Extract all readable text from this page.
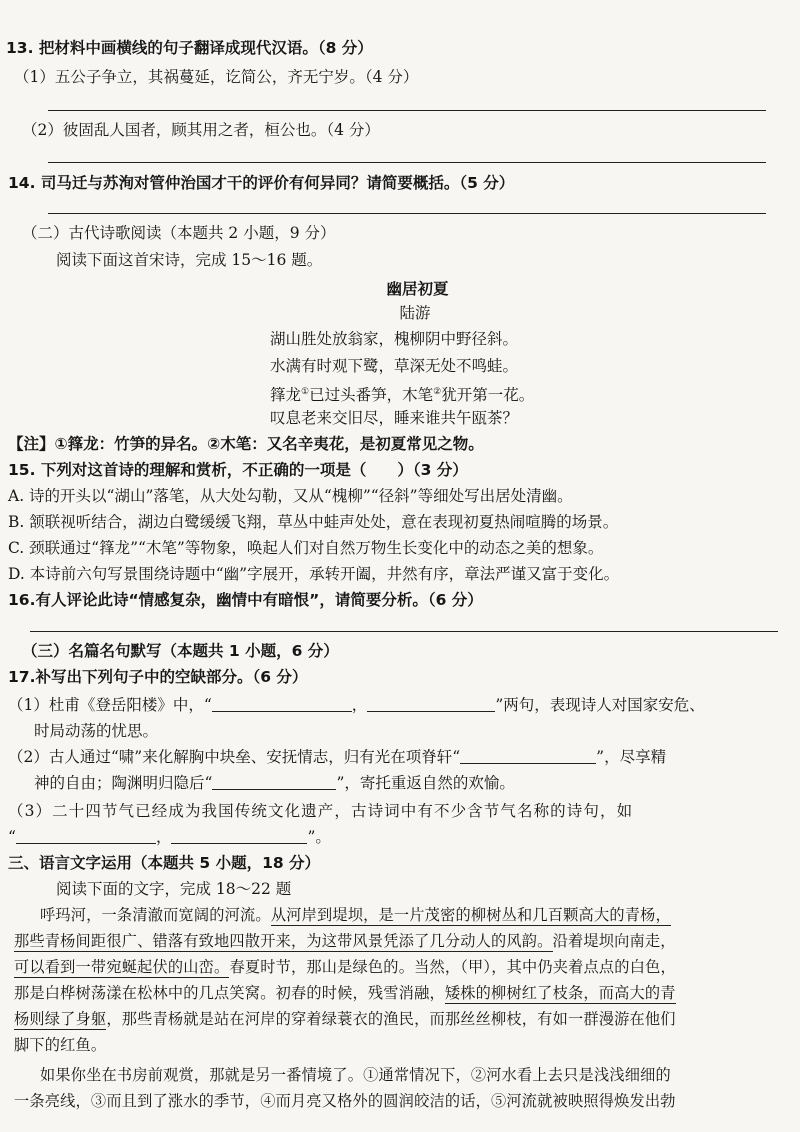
13. 把材料中画横线的句子翻译成现代汉语。（8 分）
（1）五公子争立，其祸蔓延，讫简公，齐无宁岁。（4 分）
（2）彼固乱人国者，顾其用之者，桓公也。（4 分）
14. 司马迁与苏洵对管仲治国才干的评价有何异同？请简要概括。（5 分）
（二）古代诗歌阅读（本题共 2 小题，9 分）
阅读下面这首宋诗，完成 15～16 题。
幽居初夏
陆游
湖山胜处放翁家，槐柳阴中野径斜。
水满有时观下鹭，草深无处不鸣蛙。
箨龙①已过头番笋，木笔②犹开第一花。
叹息老来交旧尽，睡来谁共午瓯茶？
【注】①箨龙：竹笋的异名。②木笔：又名辛夷花，是初夏常见之物。
15. 下列对这首诗的理解和赏析，不正确的一项是（　　）（3 分）
A. 诗的开头以“湖山”落笔，从大处勾勒，又从“槐柳”“径斜”等细处写出居处清幽。
B. 颔联视听结合，湖边白鹭缓缓飞翔，草丛中蛙声处处，意在表现初夏热闹喧腾的场景。
C. 颈联通过“箨龙”“木笔”等物象，唤起人们对自然万物生长变化中的动态之美的想象。
D. 本诗前六句写景围绕诗题中“幽”字展开，承转开阖，井然有序，章法严谨又富于变化。
16.有人评论此诗“情感复杂，幽情中有暗恨”，请简要分析。（6 分）
（三）名篇名句默写（本题共 1 小题，6 分）
17.补写出下列句子中的空缺部分。（6 分）
（1）杜甫《登岳阳楼》中，“	，	”两句，表现诗人对国家安危、
时局动荡的忧思。
（2）古人通过“啸”来化解胸中块垒、安抚情志，归有光在项脊轩“	”，尽享精
神的自由；陶渊明归隐后“	”，寄托重返自然的欢愉。
（3）二十四节气已经成为我国传统文化遗产，古诗词中有不少含节气名称的诗句，如
“	，	”。
三、语言文字运用（本题共 5 小题，18 分）
阅读下面的文字，完成 18～22 题
呼玛河，一条清澈而宽阔的河流。从河岸到堤坝，是一片茂密的柳树丛和几百颗高大的青杨，
那些青杨间距很广、错落有致地四散开来，为这带风景凭添了几分动人的风韵。沿着堤坝向南走，
可以看到一带宛蜒起伏的山峦。春夏时节，那山是绿色的。当然，（甲），其中仍夹着点点的白色，
那是白桦树荡漾在松林中的几点笑窝。初春的时候，残雪消融，矮株的柳树红了枝条，而高大的青
杨则绿了身躯，那些青杨就是站在河岸的穿着绿蓑衣的渔民，而那丝丝柳枝，有如一群漫游在他们
脚下的红鱼。
如果你坐在书房前观赏，那就是另一番情境了。①通常情况下，②河水看上去只是浅浅细细的
一条亮线，③而且到了涨水的季节，④而月亮又格外的圆润皎洁的话，⑤河流就被映照得焕发出勃
